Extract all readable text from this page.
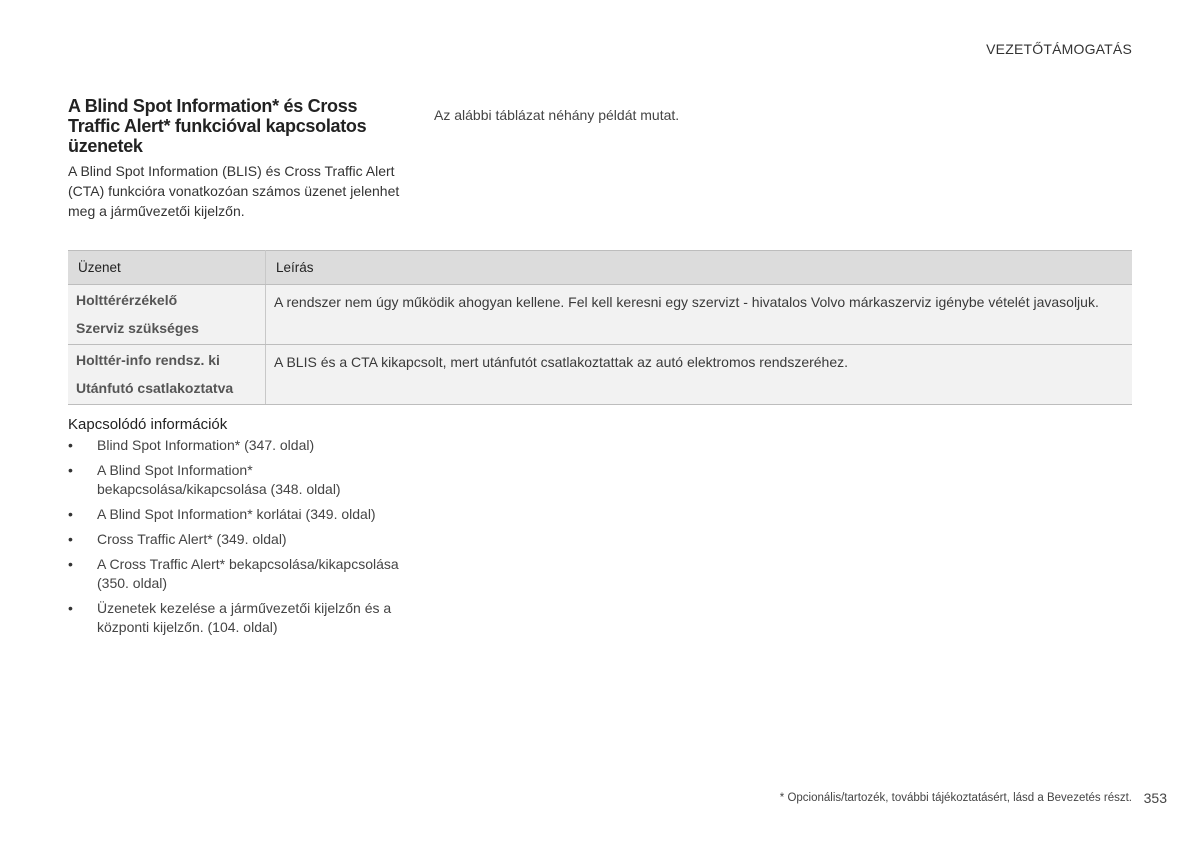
VEZETŐTÁMOGATÁS
A Blind Spot Information* és Cross Traffic Alert* funkcióval kapcsolatos üzenetek
A Blind Spot Information (BLIS) és Cross Traffic Alert (CTA) funkcióra vonatkozóan számos üzenet jelenhet meg a járművezetői kijelzőn.
Az alábbi táblázat néhány példát mutat.
Üzenet	Leírás

Holttérérzékelő
Szerviz szükséges	A rendszer nem úgy működik ahogyan kellene. Fel kell keresni egy szervizt - hivatalos Volvo márkaszerviz igénybe vételét javasoljuk.

Holttér-info rendsz. ki
Utánfutó csatlakoztatva	A BLIS és a CTA kikapcsolt, mert utánfutót csatlakoztattak az autó elektromos rendszeréhez.
Kapcsolódó információk
• Blind Spot Information* (347. oldal)
• A Blind Spot Information* bekapcsolása/kikapcsolása (348. oldal)
• A Blind Spot Information* korlátai (349. oldal)
• Cross Traffic Alert* (349. oldal)
• A Cross Traffic Alert* bekapcsolása/kikapcsolása (350. oldal)
• Üzenetek kezelése a járművezetői kijelzőn és a központi kijelzőn. (104. oldal)
* Opcionális/tartozék, további tájékoztatásért, lásd a Bevezetés részt. 353
